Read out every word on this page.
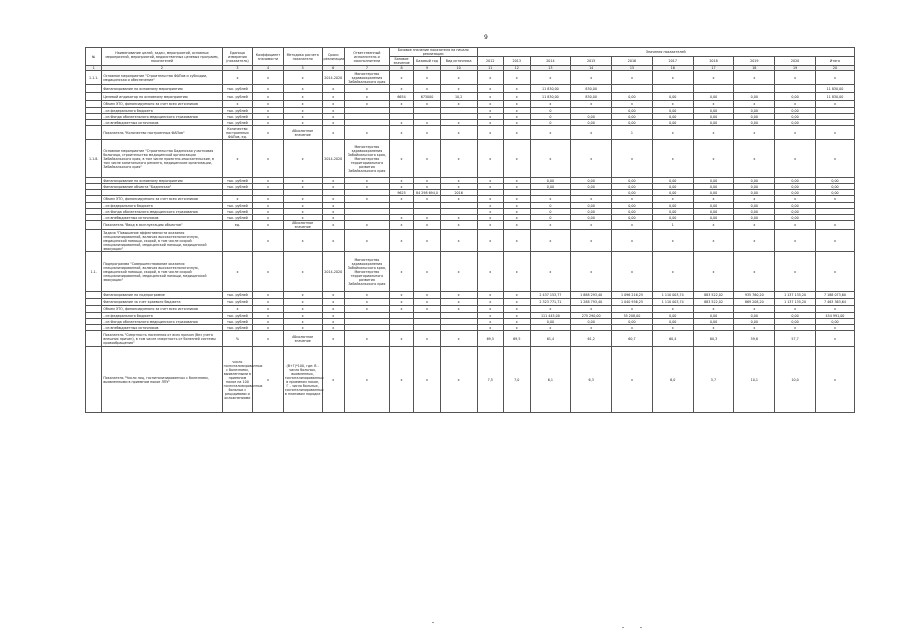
9
№	Наименование целей, задач, мероприятий, основных мероприятий, мероприятий, ведомственных целевых программ, показателей	Единица измерения (показатель)	Коэффициент значимости	Методика расчета показателя	Сроки реализации	Ответственный исполнитель и соисполнители	Базовое значение показателя на начало реализации			Значения показателей									
							Базовое значение	Базовый год	Вид источника	2012	2013	2014	2015	2016	2017	2018	2019	2020	Итого
1	2	3	4	5	6	7	8	9	10	11	12	13	14	15	16	17	18	19	20
1.1.1.	Основное мероприятие "Строительство ФАПов и субсидии, медицинская и обеспечение"	х	х	х	2014-2020	Министерство здравоохранения Забайкальского края	х	х	х	х	х	х	х	х	х	х	х	х	х
	Финансирование по основному мероприятию	тыс. рублей	х	х	х	х	х	х	х	х	х	11 830,00	830,00						11 830,00
	Целевой индикатор по основному мероприятию	тыс. рублей	х	х	х	х	6654	673000	10,2	х	х	11 830,00	830,00	0,00	0,00	0,00	0,00	0,00	11 830,00
	Объем ЭТО, финансируемого за счет всех источников	х	х	х	х	х	х	х	х	х	х	х	х	х	х	х	х	х	х
	- из федерального бюджета	тыс. рублей	х	х	х					х	х	0		0,00	0,00	0,00	0,00	0,00	
	- из Фонда обязательного медицинского страхования	тыс. рублей	х	х	х					х	х	0	0,00	0,00	0,00	0,00	0,00	0,00	
	- из внебюджетных источников	тыс. рублей	х	х	х		х	х	х	х	х	0	0,00	0,00	0,00	0,00	0,00	0,00	
	Показатель "Количество построенных ФАПов"	Количество построенных ФАПов, ед.	х	Абсолютное значение	х	х	х	х	х	х	х	х	х	1	х	х	х	х	х
1.1.8.	Основное мероприятие "Строительство Бадинская участковая больница, строительство медицинской организации Забайкальского края, в том числе проектно-изыскательские, в том числе капитального ремонта, медицинские организации, Забайкальского края"	х	х	х	2014-2020	Министерство здравоохранения Забайкальского края, Министерство территориального развития Забайкальского края	х	х	х	х	х	х	х	х	х	х	х	х	х
	Финансирование по основному мероприятию	тыс. рублей	х	х	х	х	х	х	х	х	х	0,00	0,00	0,00	0,00	0,00	0,00	0,00	0,00
	Финансирование объекта "Бадинская"	тыс. рублей	х	х	х	х	х	х	х	х	х	0,00	0,00	0,00	0,00	0,00	0,00	0,00	0,00
							9625	84 298 694,0	2016					0,00	0,00	0,00	0,00	0,00	0,00
	Объем ЭТО, финансируемого за счет всех источников	х	х	х	х	х	х	х	х	х	х	х	х	х	х	х	х	х	х
	- из федерального бюджета	тыс. рублей	х	х	х					х	х	0	0,00	0,00	0,00	0,00	0,00	0,00	
	- из Фонда обязательного медицинского страхования	тыс. рублей	х	х	х					х	х	0	0,00	0,00	0,00	0,00	0,00	0,00	
	- из внебюджетных источников	тыс. рублей	х	х	х		х	х	х	х	х	0	0,00	0,00	0,00	0,00	0,00	0,00	
	Показатель "Ввод в эксплуатацию объектов"	ед.	х	Абсолютное значение	х	х	х	х	х	х	х	х	х	х	1	х	х	х	х
	Задача "Повышение эффективности оказания специализированной, включая высокотехнологичную, медицинской помощи, скорой, в том числе скорой специализированной, медицинской помощи, медицинской эвакуации"		х	х	х	х	х	х	х	х	х	х	х	х	х	х	х	х	х
1.1.	Подпрограмма "Совершенствование оказания специализированной, включая высокотехнологичную, медицинской помощи, скорой, в том числе скорой специализированной, медицинской помощи, медицинской эвакуации"	х	х	х	2014-2020	Министерство здравоохранения Забайкальского края, Министерство территориального развития Забайкальского края	х	х	х	х	х	х	х	х	х	х	х	х	х
	Финансирование по подпрограмме	тыс. рублей	х	х	х	х	х	х	х	х	х	2 437 153,77	1 888 293,40	1 096 216,25	1 110 003,74	883 522,02	935 760,20	1 137 135,20	7 188 073,60
	Финансирование за счет краевого бюджета	тыс. рублей	х	х	х	х	х	х	х	х	х	2 323 771,71	1 288 793,40	1 040 936,25	1 110 003,74	883 522,02	869 208,20	1 137 135,20	7 463 363,64
	Объем ЭТО, финансируемого за счет всех источников	х	х	х	х	х	х	х	х	х	х	х	х	х	х	х	х	х	х
	- из федерального бюджета	тыс. рублей	х	х	х					х	х	111 445,00	275 290,00	55 208,00	0,00	0,00	0,00	0,00	454 991,00
	- из Фонда обязательного медицинского страхования	тыс. рублей	х	х	х					х	х	0,00	0,00	0,00	0,00	0,00	0,00	0,00	0,00
	- из внебюджетных источников	тыс. рублей	х	х	х					х	х	х	х	х	х	х	х	х	х
	Показатель "Смертность населения от всех причин (без учета внешних причин), в том числе смертность от болезней системы кровообращения"	%	х	Абсолютное значение	х	х	х	х	х	69,5	69,5	61,4	61,2	60,7	60,4	60,3	59,8	57,7	х
	Показатель "Число лиц, госпитализированных с болезнями, выявленными в приемном покое ЛПУ"	число госпитализированных с болезнями, выявленными в приемном покое на 100 госпитализированных больных с рецидивами и осложнениями	х	(В+Г)*100, где: В - число больных, выявленных, госпитализированных в приемном покое, Г - число больных, госпитализированных в плановом порядке	х	х	х	х	х	7,5	7,0	6,1	6,3	х	6,0	5,7	10,1	10,0	х
